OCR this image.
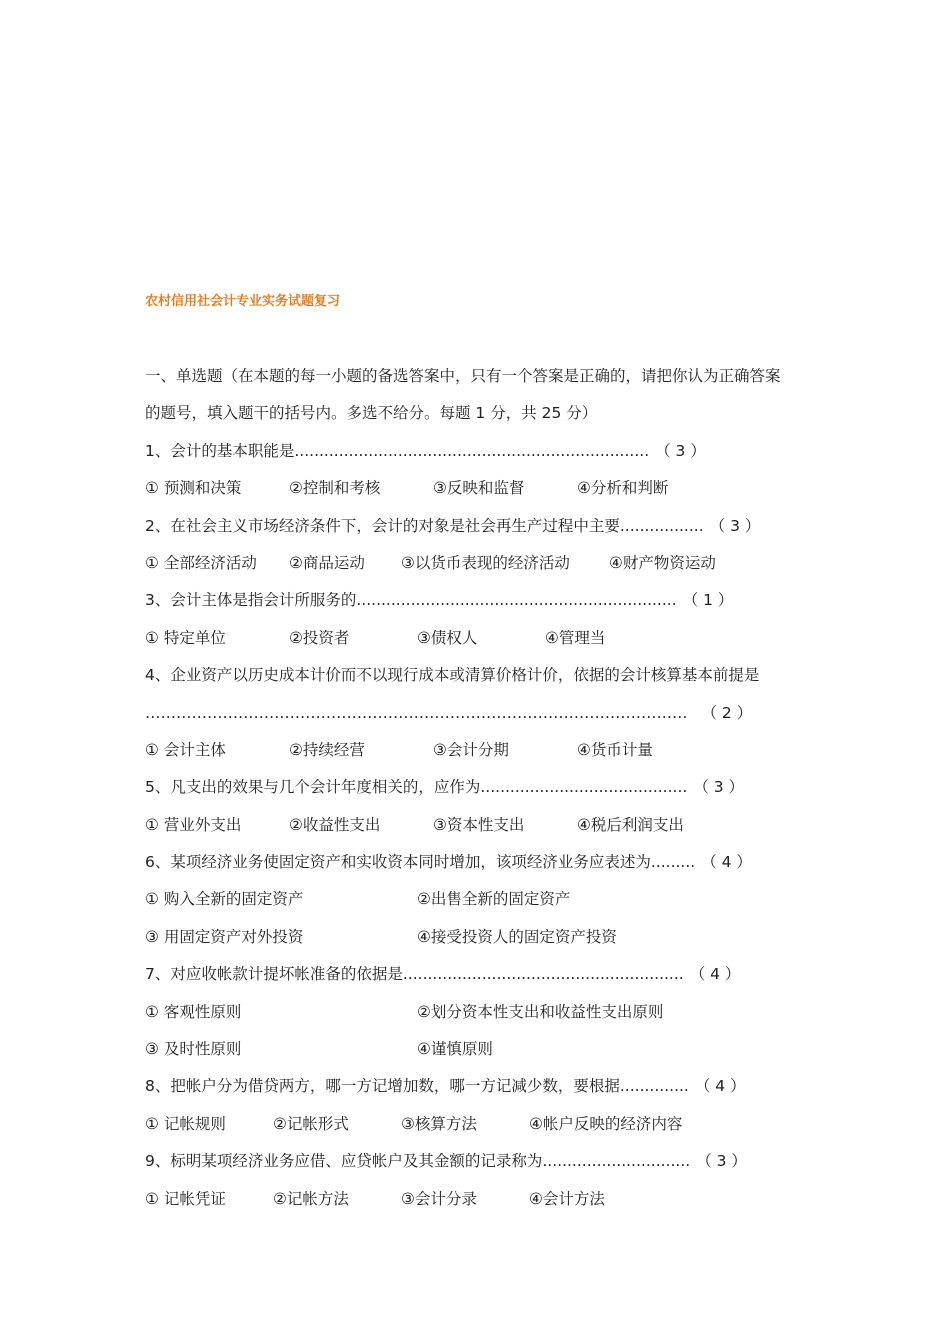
农村信用社会计专业实务试题复习
一、单选题（在本题的每一小题的备选答案中，只有一个答案是正确的，请把你认为正确答案
的题号，填入题干的括号内。多选不给分。每题 1 分，共 25 分）
1、会计的基本职能是........................................................................ （ 3 ）
① 预测和决策	②控制和考核	③反映和监督	④分析和判断
2、在社会主义市场经济条件下，会计的对象是社会再生产过程中主要................. （ 3 ）
① 全部经济活动	②商品运动	③以货币表现的经济活动	④财产物资运动
3、会计主体是指会计所服务的................................................................. （ 1 ）
① 特定单位	②投资者	③债权人	④管理当
4、企业资产以历史成本计价而不以现行成本或清算价格计价，依据的会计核算基本前提是
…………………………………………………………………………………………… （ 2 ）
① 会计主体	②持续经营	③会计分期	④货币计量
5、凡支出的效果与几个会计年度相关的，应作为.......................................... （ 3 ）
① 营业外支出	②收益性支出	③资本性支出	④税后利润支出
6、某项经济业务使固定资产和实收资本同时增加，该项经济业务应表述为......... （ 4 ）
① 购入全新的固定资产	②出售全新的固定资产
③ 用固定资产对外投资	④接受投资人的固定资产投资
7、对应收帐款计提坏帐准备的依据是......................................................... （ 4 ）
① 客观性原则	②划分资本性支出和收益性支出原则
③ 及时性原则	④谨慎原则
8、把帐户分为借贷两方，哪一方记增加数，哪一方记减少数，要根据.............. （ 4 ）
① 记帐规则	②记帐形式	③核算方法	④帐户反映的经济内容
9、标明某项经济业务应借、应贷帐户及其金额的记录称为.............................. （ 3 ）
① 记帐凭证	②记帐方法	③会计分录	④会计方法
